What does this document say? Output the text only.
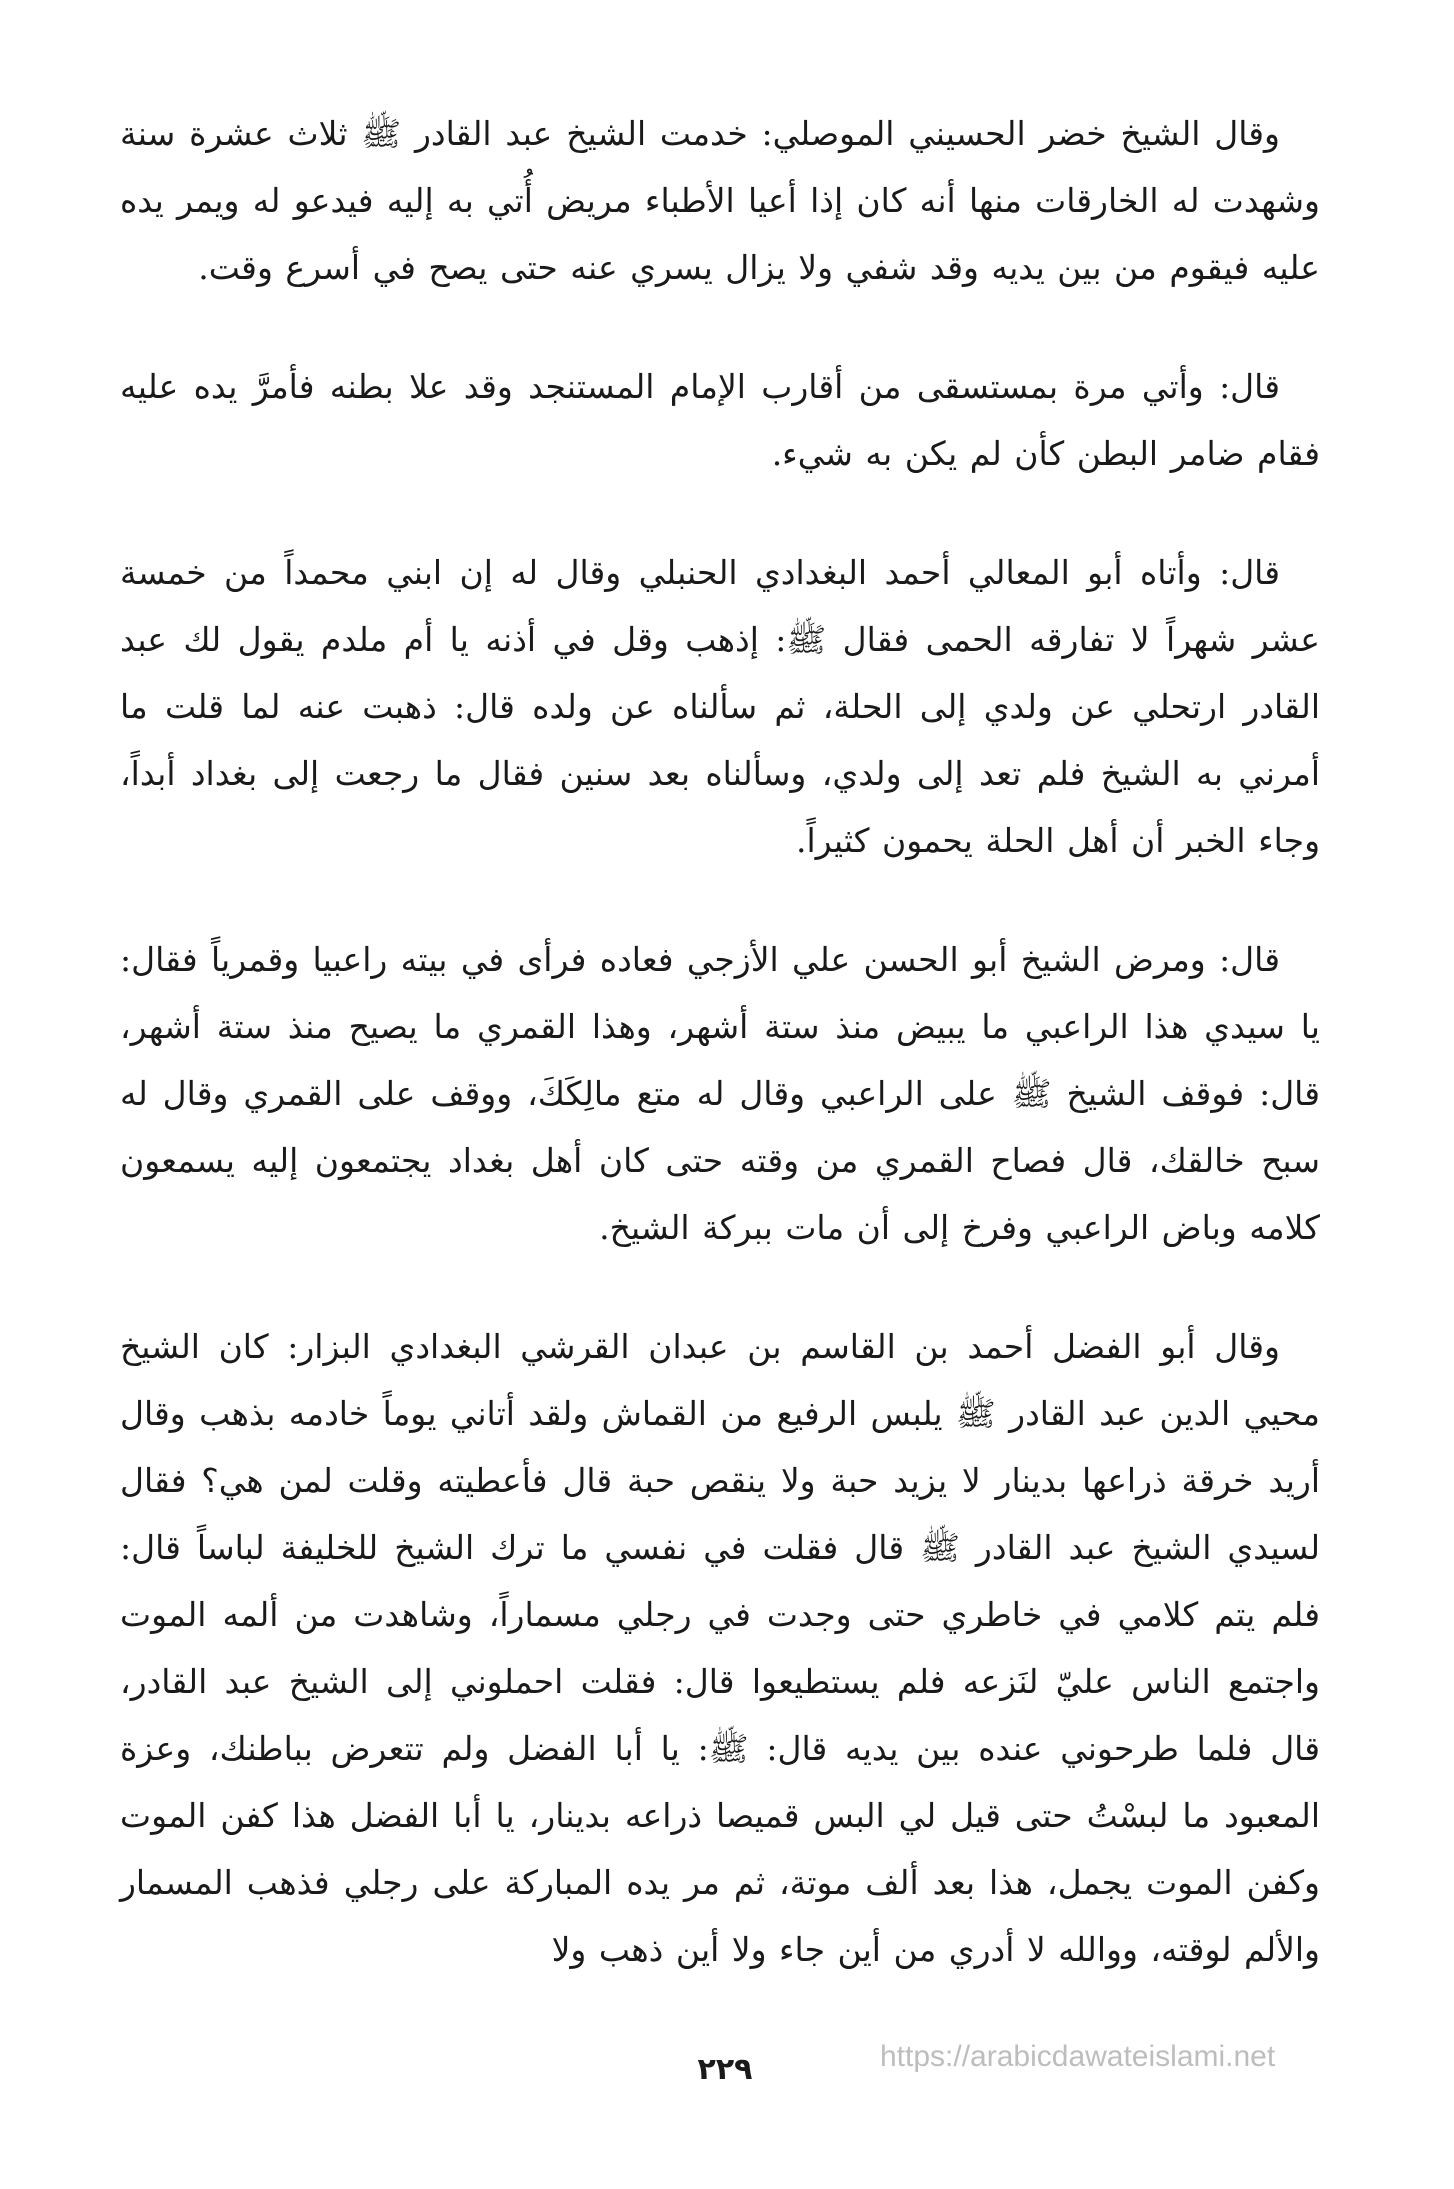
وقال الشيخ خضر الحسيني الموصلي: خدمت الشيخ عبد القادر ﷺ ثلاث عشرة سنة وشهدت له الخارقات منها أنه كان إذا أعيا الأطباء مريض أُتي به إليه فيدعو له ويمر يده عليه فيقوم من بين يديه وقد شفي ولا يزال يسري عنه حتى يصح في أسرع وقت.

قال: وأتي مرة بمستسقى من أقارب الإمام المستنجد وقد علا بطنه فأمرَّ يده عليه فقام ضامر البطن كأن لم يكن به شيء.

قال: وأتاه أبو المعالي أحمد البغدادي الحنبلي وقال له إن ابني محمداً من خمسة عشر شهراً لا تفارقه الحمى فقال ﷺ: إذهب وقل في أذنه يا أم ملدم يقول لك عبد القادر ارتحلي عن ولدي إلى الحلة، ثم سألناه عن ولده قال: ذهبت عنه لما قلت ما أمرني به الشيخ فلم تعد إلى ولدي، وسألناه بعد سنين فقال ما رجعت إلى بغداد أبداً، وجاء الخبر أن أهل الحلة يحمون كثيراً.

قال: ومرض الشيخ أبو الحسن علي الأزجي فعاده فرأى في بيته راعبيا وقمرياً فقال: يا سيدي هذا الراعبي ما يبيض منذ ستة أشهر، وهذا القمري ما يصيح منذ ستة أشهر، قال: فوقف الشيخ ﷺ على الراعبي وقال له متع مالِكَكَ، ووقف على القمري وقال له سبح خالقك، قال فصاح القمري من وقته حتى كان أهل بغداد يجتمعون إليه يسمعون كلامه وباض الراعبي وفرخ إلى أن مات ببركة الشيخ.

وقال أبو الفضل أحمد بن القاسم بن عبدان القرشي البغدادي البزار: كان الشيخ محيي الدين عبد القادر ﷺ يلبس الرفيع من القماش ولقد أتاني يوماً خادمه بذهب وقال أريد خرقة ذراعها بدينار لا يزيد حبة ولا ينقص حبة قال فأعطيته وقلت لمن هي؟ فقال لسيدي الشيخ عبد القادر ﷺ قال فقلت في نفسي ما ترك الشيخ للخليفة لباساً قال: فلم يتم كلامي في خاطري حتى وجدت في رجلي مسماراً، وشاهدت من ألمه الموت واجتمع الناس عليّ لنَزعه فلم يستطيعوا قال: فقلت احملوني إلى الشيخ عبد القادر، قال فلما طرحوني عنده بين يديه قال: ﷺ: يا أبا الفضل ولم تتعرض بباطنك، وعزة المعبود ما لبسْتُ حتى قيل لي البس قميصا ذراعه بدينار، يا أبا الفضل هذا كفن الموت وكفن الموت يجمل، هذا بعد ألف موتة، ثم مر يده المباركة على رجلي فذهب المسمار والألم لوقته، ووالله لا أدري من أين جاء ولا أين ذهب ولا

٢٢٩	https://arabicdawateislami.net
